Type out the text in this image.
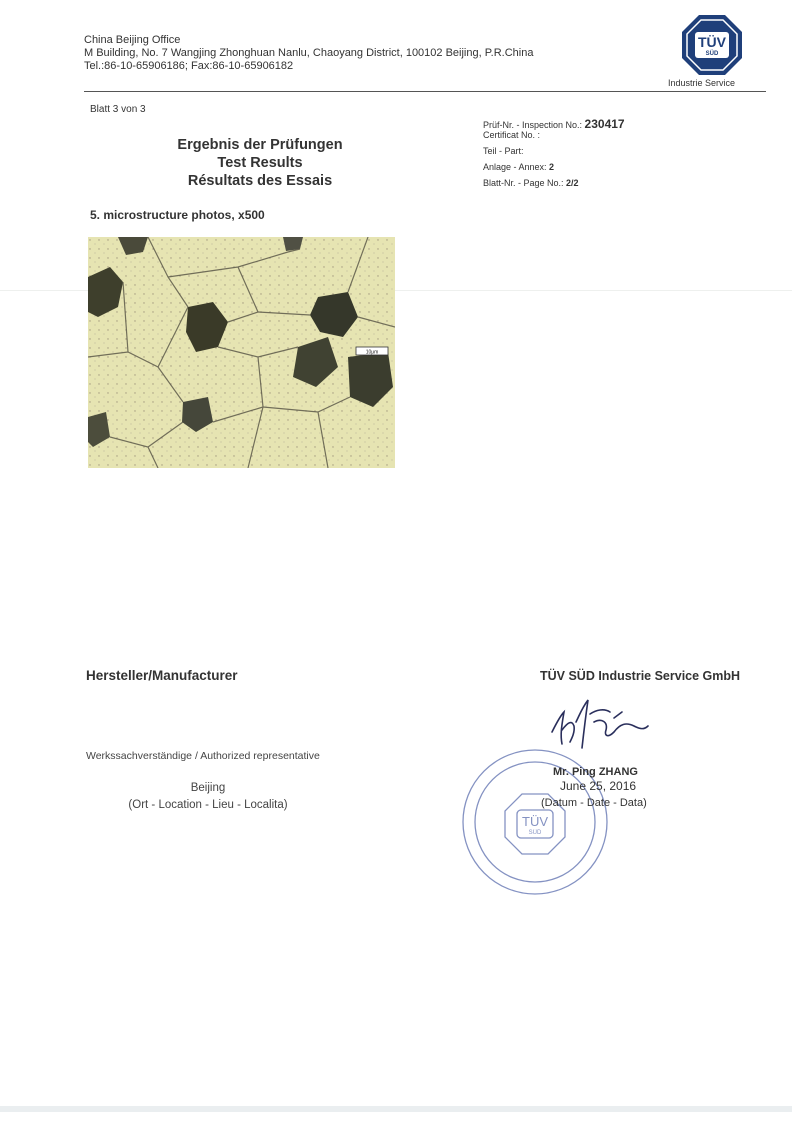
China Beijing Office
M Building, No. 7 Wangjing Zhonghuan Nanlu, Chaoyang District, 100102 Beijing, P.R.China
Tel.:86-10-65906186; Fax:86-10-65906182
TÜV
SÜD
Industrie Service
Blatt 3 von 3
Ergebnis der Prüfungen
Test Results
Résultats des Essais
Prüf-Nr. - Inspection No.: 230417
Certificat No. :
Teil - Part:
Anlage - Annex: 2
Blatt-Nr. - Page No.: 2/2
5. microstructure photos, x500
10μm
Hersteller/Manufacturer
Werkssachverständige / Authorized representative
Beijing
(Ort - Location - Lieu - Localita)
TÜV SÜD Industrie Service GmbH
TÜV
SÜD
Mr. Ping ZHANG
June 25, 2016
(Datum - Date - Data)
